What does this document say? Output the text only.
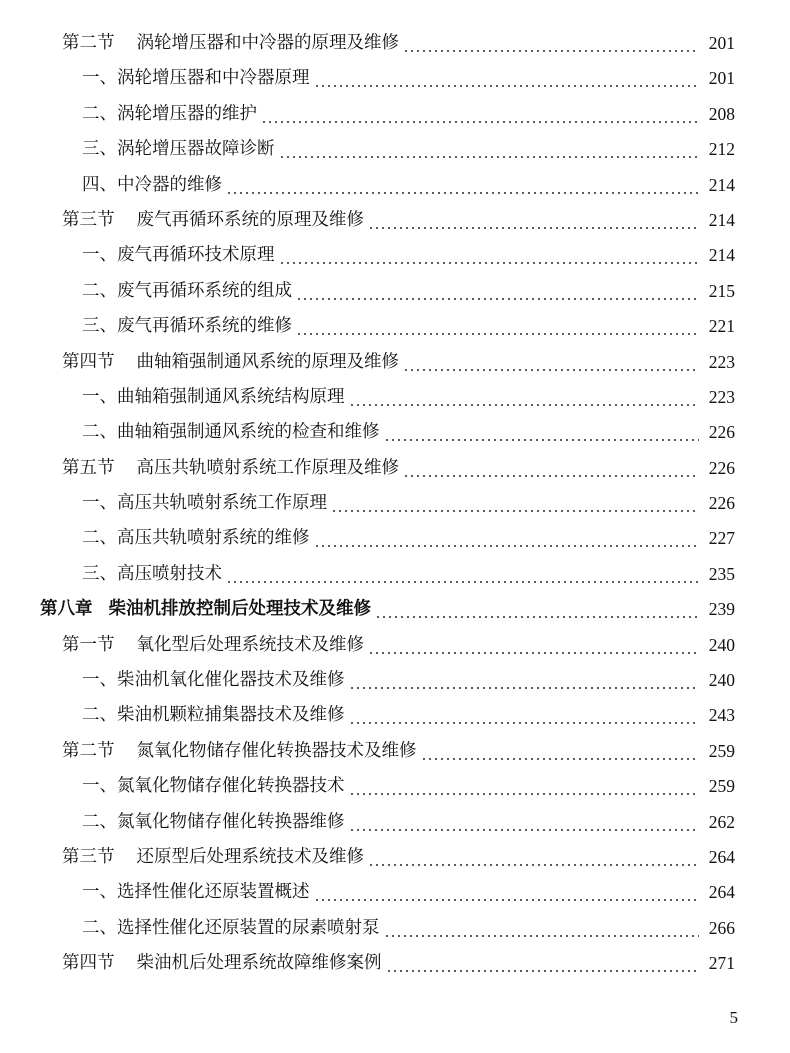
第二节 涡轮增压器和中冷器的原理及维修	201
一、涡轮增压器和中冷器原理	201
二、涡轮增压器的维护	208
三、涡轮增压器故障诊断	212
四、中冷器的维修	214
第三节 废气再循环系统的原理及维修	214
一、废气再循环技术原理	214
二、废气再循环系统的组成	215
三、废气再循环系统的维修	221
第四节 曲轴箱强制通风系统的原理及维修	223
一、曲轴箱强制通风系统结构原理	223
二、曲轴箱强制通风系统的检查和维修	226
第五节 高压共轨喷射系统工作原理及维修	226
一、高压共轨喷射系统工作原理	226
二、高压共轨喷射系统的维修	227
三、高压喷射技术	235
第八章 柴油机排放控制后处理技术及维修	239
第一节 氧化型后处理系统技术及维修	240
一、柴油机氧化催化器技术及维修	240
二、柴油机颗粒捕集器技术及维修	243
第二节 氮氧化物储存催化转换器技术及维修	259
一、氮氧化物储存催化转换器技术	259
二、氮氧化物储存催化转换器维修	262
第三节 还原型后处理系统技术及维修	264
一、选择性催化还原装置概述	264
二、选择性催化还原装置的尿素喷射泵	266
第四节 柴油机后处理系统故障维修案例	271
5
